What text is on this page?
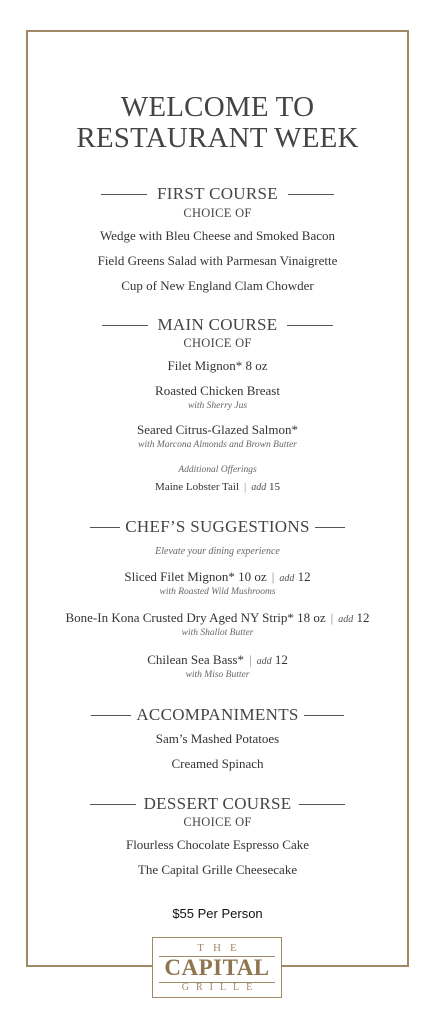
WELCOME TO
RESTAURANT WEEK
FIRST COURSE
CHOICE OF
Wedge with Bleu Cheese and Smoked Bacon
Field Greens Salad with Parmesan Vinaigrette
Cup of New England Clam Chowder
MAIN COURSE
CHOICE OF
Filet Mignon* 8 oz
Roasted Chicken Breast
with Sherry Jus
Seared Citrus-Glazed Salmon*
with Marcona Almonds and Brown Butter
Additional Offerings
Maine Lobster Tail | add 15
CHEF’S SUGGESTIONS
Elevate your dining experience
Sliced Filet Mignon* 10 oz | add 12
with Roasted Wild Mushrooms
Bone-In Kona Crusted Dry Aged NY Strip* 18 oz | add 12
with Shallot Butter
Chilean Sea Bass* | add 12
with Miso Butter
ACCOMPANIMENTS
Sam’s Mashed Potatoes
Creamed Spinach
DESSERT COURSE
CHOICE OF
Flourless Chocolate Espresso Cake
The Capital Grille Cheesecake
$55 Per Person
THE
CAPITAL
GRILLE
